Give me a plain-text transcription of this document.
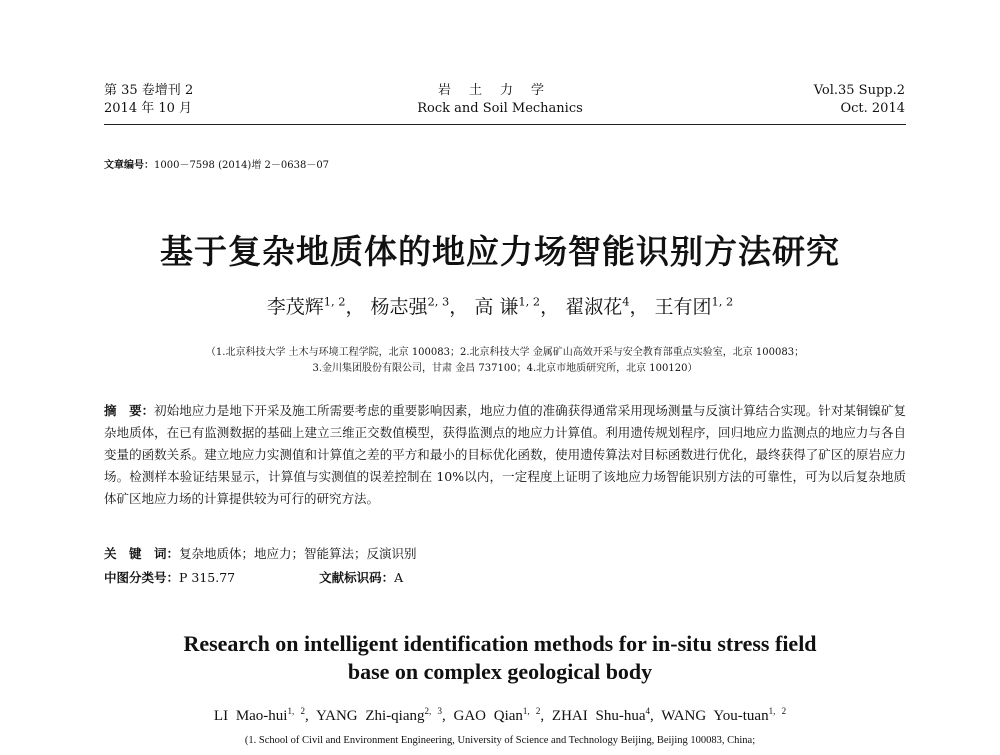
第 35 卷增刊 2
2014 年 10 月
岩土力学
Rock and Soil Mechanics
Vol.35 Supp.2
Oct. 2014
文章编号：1000－7598 (2014)增 2－0638－07
基于复杂地质体的地应力场智能识别方法研究
李茂辉$^{1, 2}$， 杨志强$^{2, 3}$， 高 谦$^{1, 2}$， 翟淑花$^4$， 王有团$^{1, 2}$
（1.北京科技大学 土木与环境工程学院，北京 100083；2.北京科技大学 金属矿山高效开采与安全教育部重点实验室，北京 100083；
3.金川集团股份有限公司，甘肃 金昌 737100；4.北京市地质研究所，北京 100120）
摘　要：初始地应力是地下开采及施工所需要考虑的重要影响因素，地应力值的准确获得通常采用现场测量与反演计算结合实现。针对某铜镍矿复杂地质体，在已有监测数据的基础上建立三维正交数值模型，获得监测点的地应力计算值。利用遗传规划程序，回归地应力监测点的地应力与各自变量的函数关系。建立地应力实测值和计算值之差的平方和最小的目标优化函数，使用遗传算法对目标函数进行优化，最终获得了矿区的原岩应力场。检测样本验证结果显示，计算值与实测值的误差控制在 10%以内，一定程度上证明了该地应力场智能识别方法的可靠性，可为以后复杂地质体矿区地应力场的计算提供较为可行的研究方法。
关　键　词：复杂地质体；地应力；智能算法；反演识别
中图分类号：P 315.77	文献标识码：A
Research on intelligent identification methods for in-situ stress field
base on complex geological body
LI Mao-hui$^{1, 2}$, YANG Zhi-qiang$^{2, 3}$, GAO Qian$^{1, 2}$, ZHAI Shu-hua$^4$, WANG You-tuan$^{1, 2}$
(1. School of Civil and Environment Engineering, University of Science and Technology Beijing, Beijing 100083, China;
